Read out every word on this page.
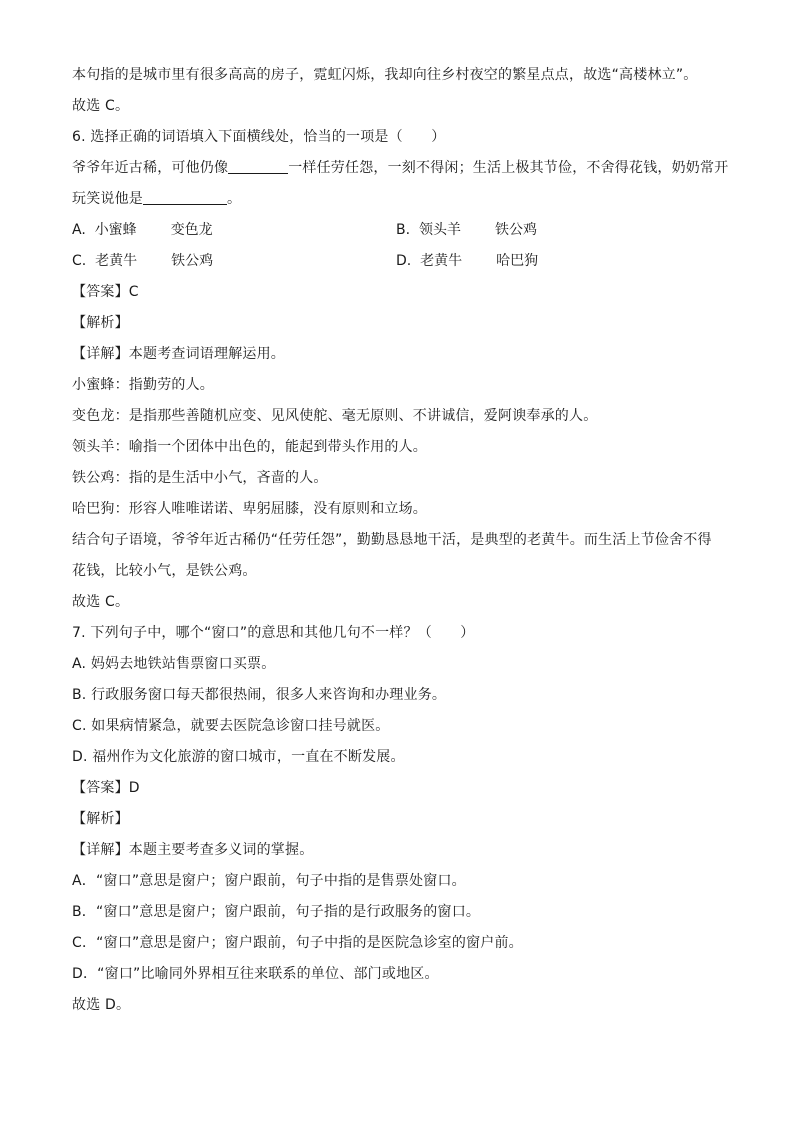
本句指的是城市里有很多高高的房子，霓虹闪烁，我却向往乡村夜空的繁星点点，故选“高楼林立”。
故选 C。
6. 选择正确的词语填入下面横线处，恰当的一项是（　　）
爷爷年近古稀，可他仍像	一样任劳任怨，一刻不得闲；生活上极其节俭，不舍得花钱，奶奶常开
玩笑说他是	。
A. 小蜜蜂 变色龙	B. 领头羊 铁公鸡
C. 老黄牛 铁公鸡	D. 老黄牛 哈巴狗
【答案】C
【解析】
【详解】本题考查词语理解运用。
小蜜蜂：指勤劳的人。
变色龙：是指那些善随机应变、见风使舵、毫无原则、不讲诚信，爱阿谀奉承的人。
领头羊：喻指一个团体中出色的，能起到带头作用的人。
铁公鸡：指的是生活中小气，吝啬的人。
哈巴狗：形容人唯唯诺诺、卑躬屈膝，没有原则和立场。
结合句子语境，爷爷年近古稀仍“任劳任怨”，勤勤恳恳地干活，是典型的老黄牛。而生活上节俭舍不得
花钱，比较小气，是铁公鸡。
故选 C。
7. 下列句子中，哪个“窗口”的意思和其他几句不一样？（　　）
A. 妈妈去地铁站售票窗口买票。
B. 行政服务窗口每天都很热闹，很多人来咨询和办理业务。
C. 如果病情紧急，就要去医院急诊窗口挂号就医。
D. 福州作为文化旅游的窗口城市，一直在不断发展。
【答案】D
【解析】
【详解】本题主要考查多义词的掌握。
A．“窗口”意思是窗户；窗户跟前，句子中指的是售票处窗口。
B．“窗口”意思是窗户；窗户跟前，句子指的是行政服务的窗口。
C．“窗口”意思是窗户；窗户跟前，句子中指的是医院急诊室的窗户前。
D．“窗口”比喻同外界相互往来联系的单位、部门或地区。
故选 D。
